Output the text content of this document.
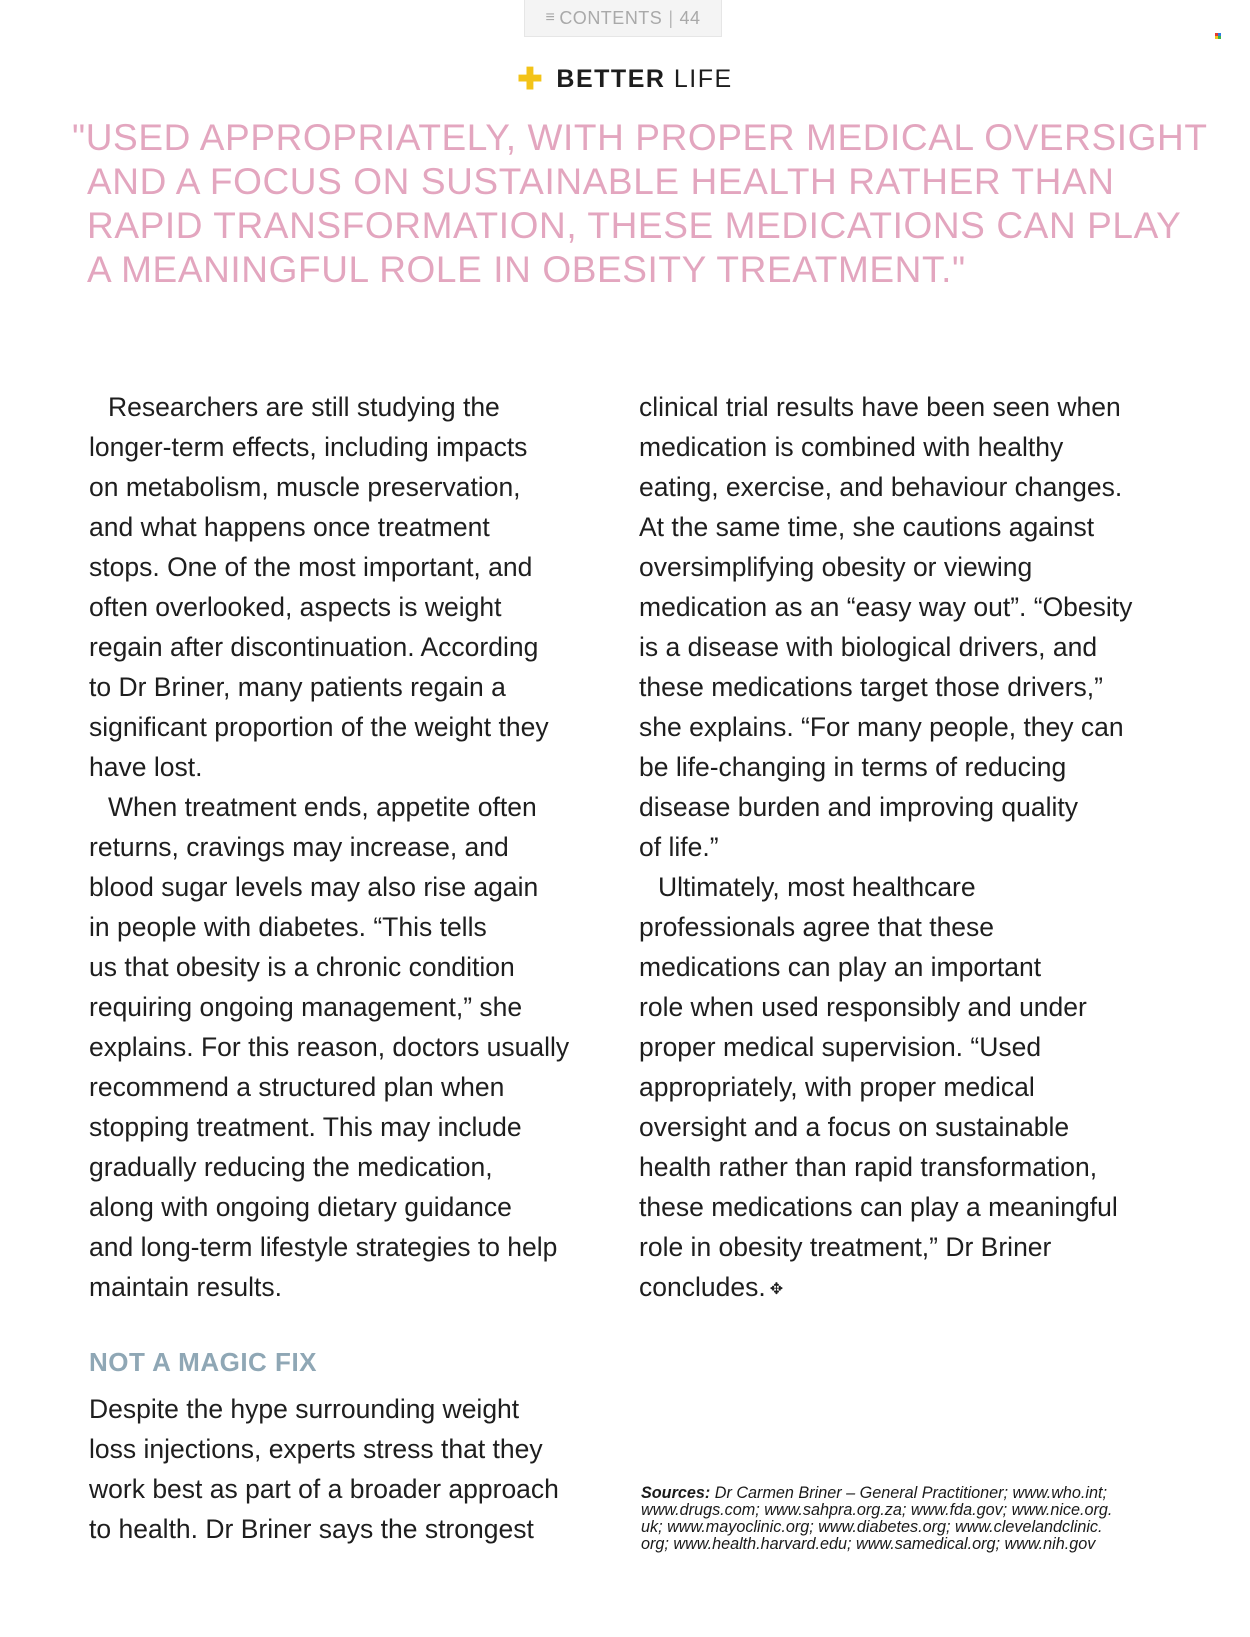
≡ CONTENTS | 44
✚ BETTER LIFE
"USED APPROPRIATELY, WITH PROPER MEDICAL OVERSIGHT
AND A FOCUS ON SUSTAINABLE HEALTH RATHER THAN
RAPID TRANSFORMATION, THESE MEDICATIONS CAN PLAY
A MEANINGFUL ROLE IN OBESITY TREATMENT."
Researchers are still studying the
longer-term effects, including impacts
on metabolism, muscle preservation,
and what happens once treatment
stops. One of the most important, and
often overlooked, aspects is weight
regain after discontinuation. According
to Dr Briner, many patients regain a
significant proportion of the weight they
have lost.
When treatment ends, appetite often
returns, cravings may increase, and
blood sugar levels may also rise again
in people with diabetes. “This tells
us that obesity is a chronic condition
requiring ongoing management,” she
explains. For this reason, doctors usually
recommend a structured plan when
stopping treatment. This may include
gradually reducing the medication,
along with ongoing dietary guidance
and long-term lifestyle strategies to help
maintain results.
NOT A MAGIC FIX
Despite the hype surrounding weight
loss injections, experts stress that they
work best as part of a broader approach
to health. Dr Briner says the strongest
clinical trial results have been seen when
medication is combined with healthy
eating, exercise, and behaviour changes.
At the same time, she cautions against
oversimplifying obesity or viewing
medication as an “easy way out”. “Obesity
is a disease with biological drivers, and
these medications target those drivers,”
she explains. “For many people, they can
be life-changing in terms of reducing
disease burden and improving quality
of life.”
Ultimately, most healthcare
professionals agree that these
medications can play an important
role when used responsibly and under
proper medical supervision. “Used
appropriately, with proper medical
oversight and a focus on sustainable
health rather than rapid transformation,
these medications can play a meaningful
role in obesity treatment,” Dr Briner
concludes. ✥
Sources: Dr Carmen Briner – General Practitioner; www.who.int;
www.drugs.com; www.sahpra.org.za; www.fda.gov; www.nice.org.
uk; www.mayoclinic.org; www.diabetes.org; www.clevelandclinic.
org; www.health.harvard.edu; www.samedical.org; www.nih.gov
